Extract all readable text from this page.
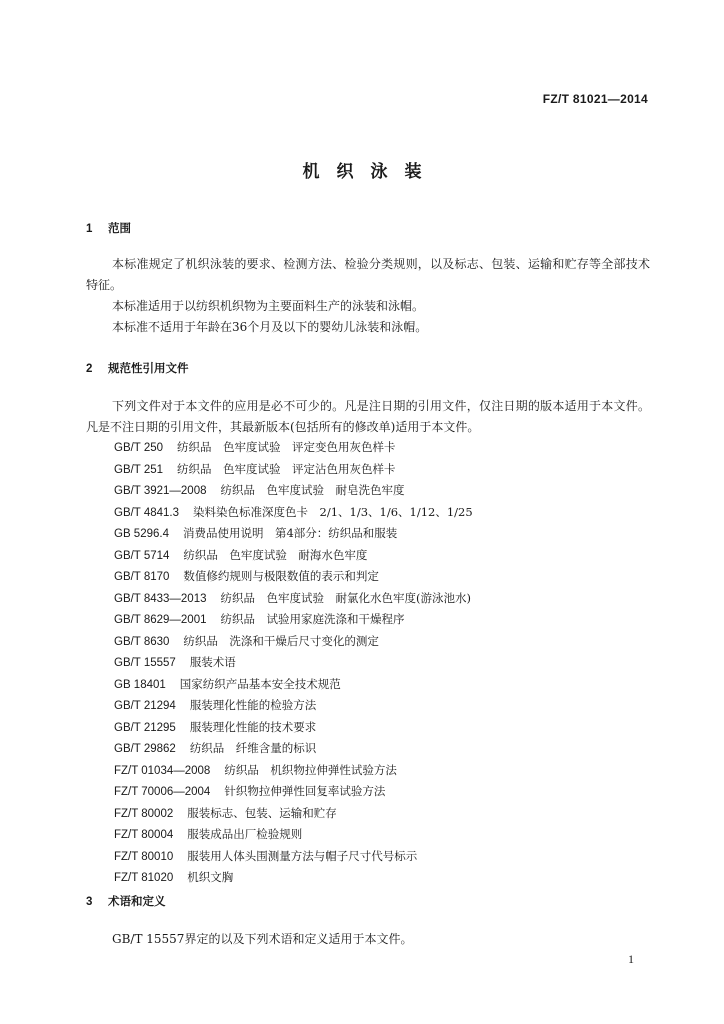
FZ/T 81021—2014
机织泳装
1 范围
本标准规定了机织泳装的要求、检测方法、检验分类规则，以及标志、包装、运输和贮存等全部技术特征。
本标准适用于以纺织机织物为主要面料生产的泳装和泳帽。
本标准不适用于年龄在36个月及以下的婴幼儿泳装和泳帽。
2 规范性引用文件
下列文件对于本文件的应用是必不可少的。凡是注日期的引用文件，仅注日期的版本适用于本文件。凡是不注日期的引用文件，其最新版本(包括所有的修改单)适用于本文件。
GB/T 250 纺织品　色牢度试验　评定变色用灰色样卡
GB/T 251 纺织品　色牢度试验　评定沾色用灰色样卡
GB/T 3921—2008 纺织品　色牢度试验　耐皂洗色牢度
GB/T 4841.3 染料染色标准深度色卡　2/1、1/3、1/6、1/12、1/25
GB 5296.4 消费品使用说明　第4部分：纺织品和服装
GB/T 5714 纺织品　色牢度试验　耐海水色牢度
GB/T 8170 数值修约规则与极限数值的表示和判定
GB/T 8433—2013 纺织品　色牢度试验　耐氯化水色牢度(游泳池水)
GB/T 8629—2001 纺织品　试验用家庭洗涤和干燥程序
GB/T 8630 纺织品　洗涤和干燥后尺寸变化的测定
GB/T 15557 服装术语
GB 18401 国家纺织产品基本安全技术规范
GB/T 21294 服装理化性能的检验方法
GB/T 21295 服装理化性能的技术要求
GB/T 29862 纺织品　纤维含量的标识
FZ/T 01034—2008 纺织品　机织物拉伸弹性试验方法
FZ/T 70006—2004 针织物拉伸弹性回复率试验方法
FZ/T 80002 服装标志、包装、运输和贮存
FZ/T 80004 服装成品出厂检验规则
FZ/T 80010 服装用人体头围测量方法与帽子尺寸代号标示
FZ/T 81020 机织文胸
3 术语和定义
GB/T 15557界定的以及下列术语和定义适用于本文件。
1
